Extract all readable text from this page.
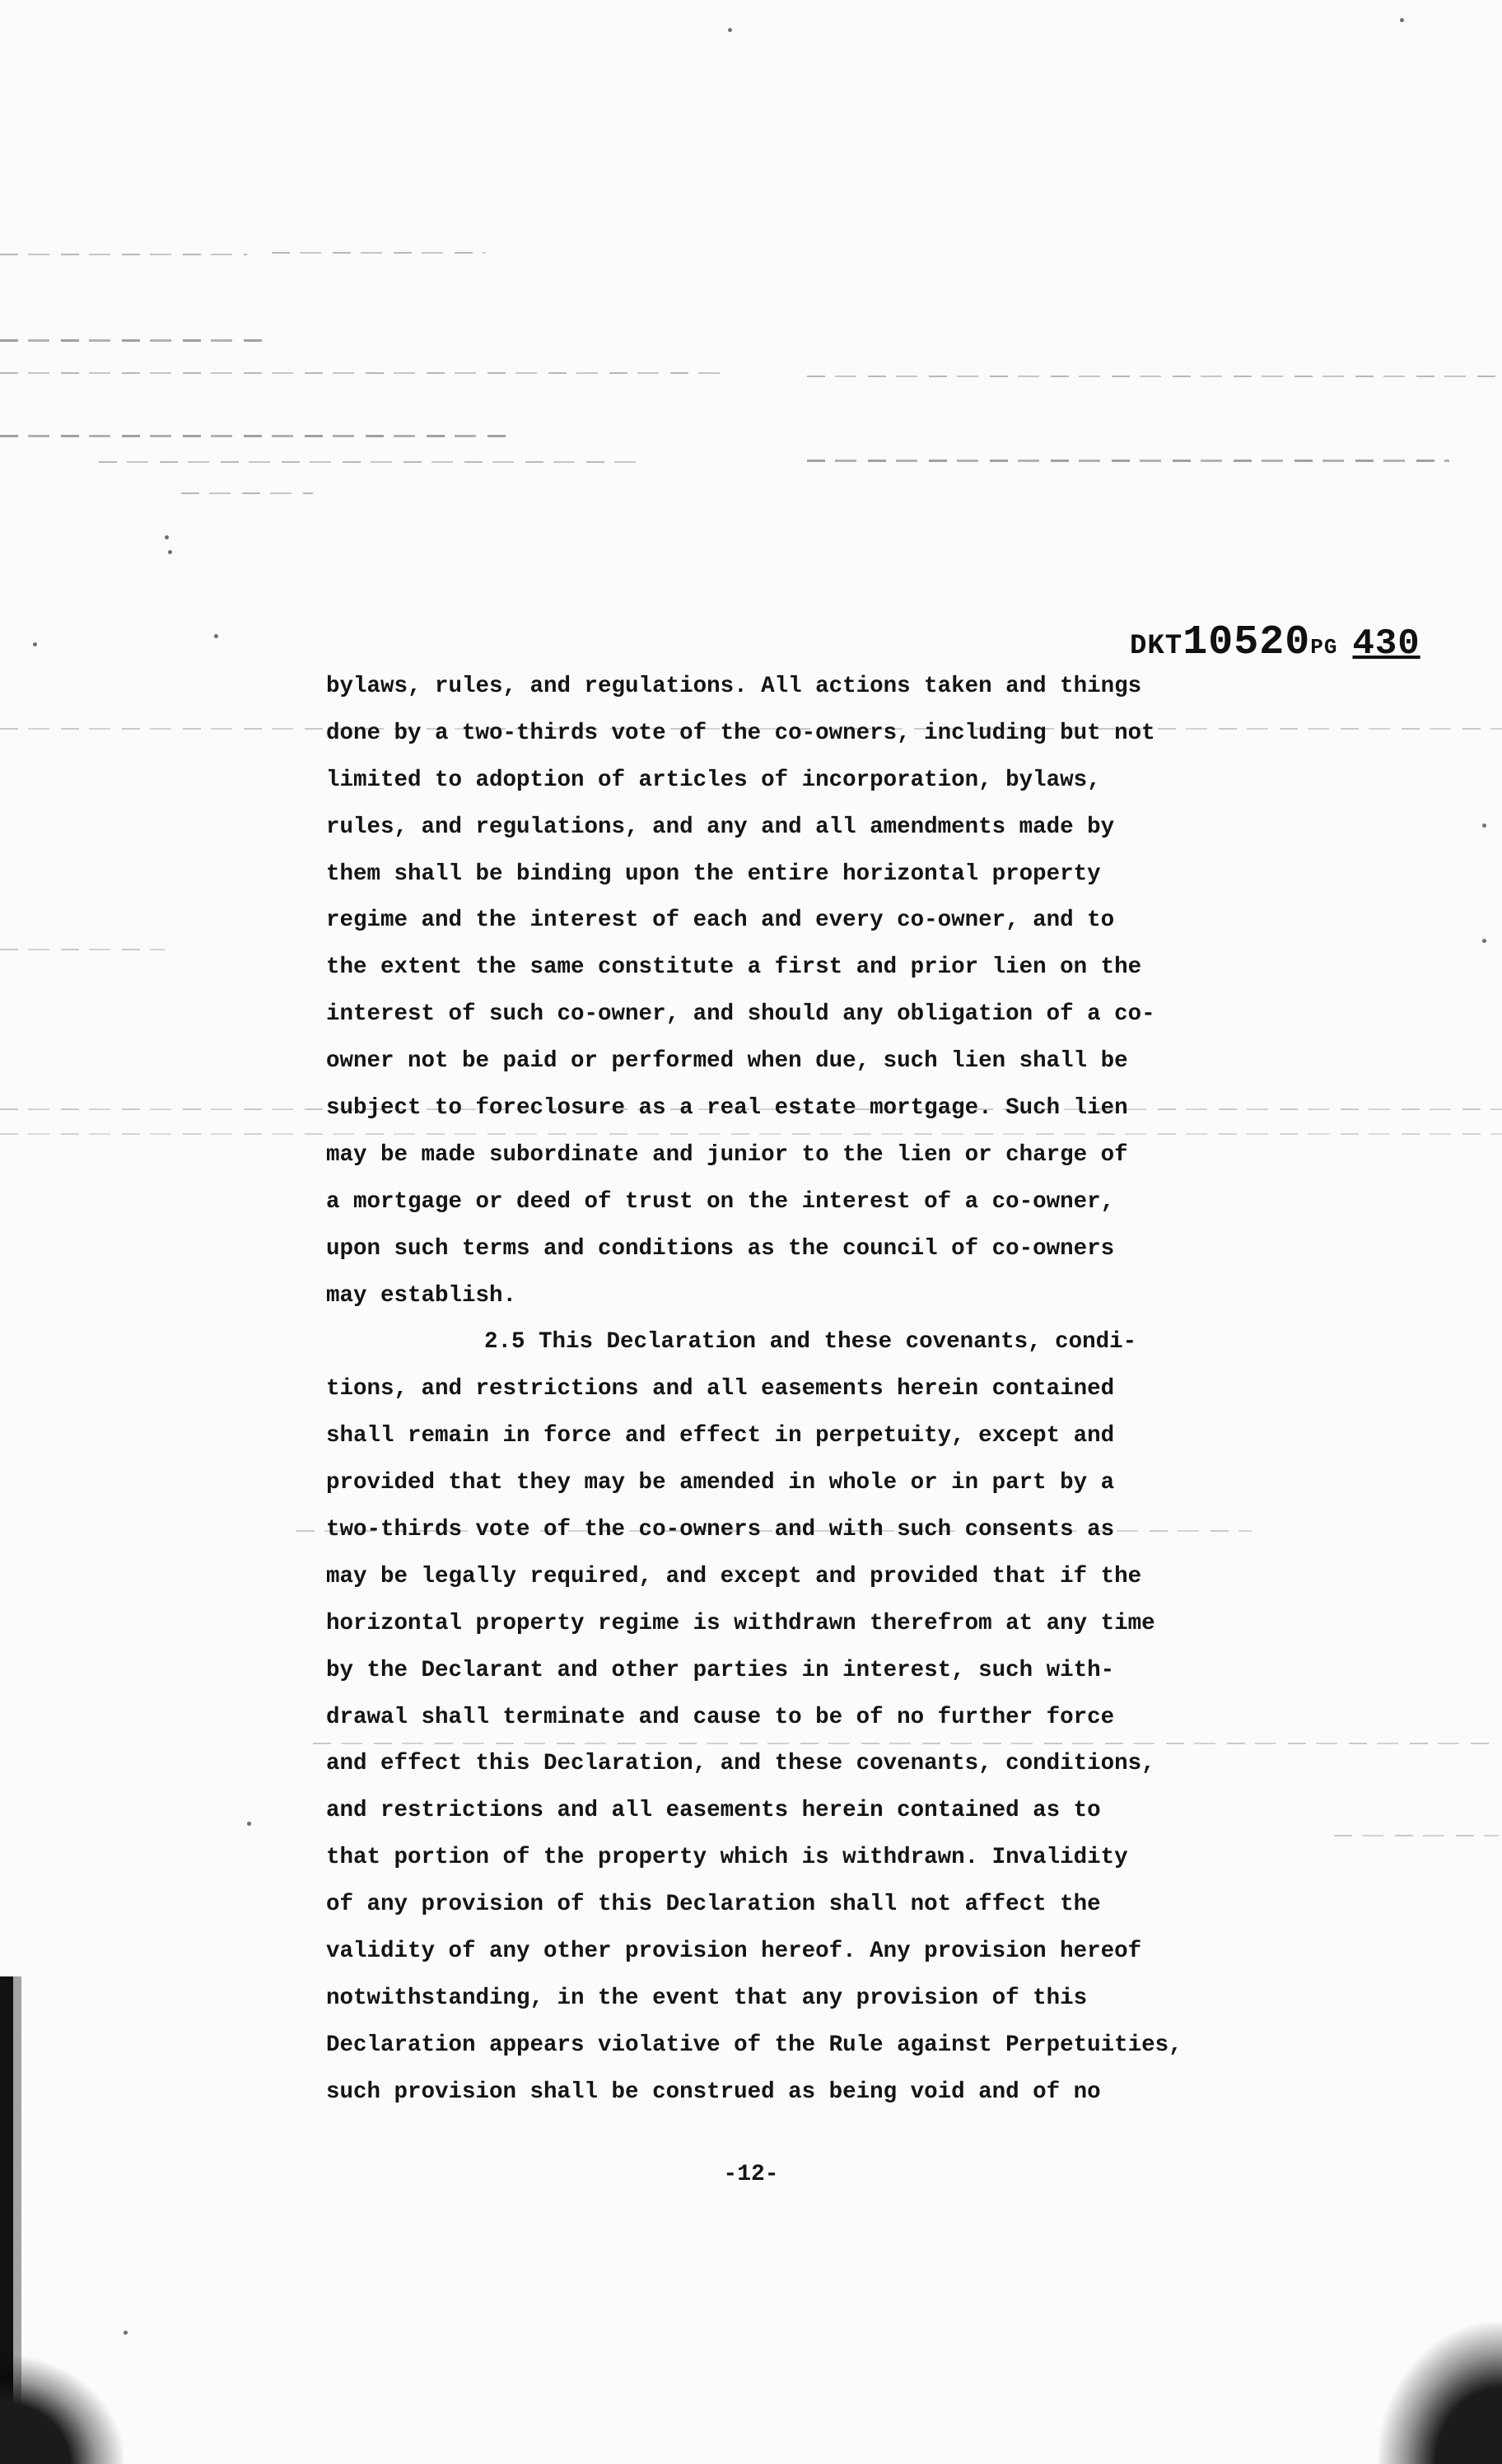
DKT10520PG 430
bylaws, rules, and regulations. All actions taken and things
done by a two-thirds vote of the co-owners, including but not
limited to adoption of articles of incorporation, bylaws,
rules, and regulations, and any and all amendments made by
them shall be binding upon the entire horizontal property
regime and the interest of each and every co-owner, and to
the extent the same constitute a first and prior lien on the
interest of such co-owner, and should any obligation of a co-
owner not be paid or performed when due, such lien shall be
subject to foreclosure as a real estate mortgage. Such lien
may be made subordinate and junior to the lien or charge of
a mortgage or deed of trust on the interest of a co-owner,
upon such terms and conditions as the council of co-owners
may establish.
2.5 This Declaration and these covenants, condi-
tions, and restrictions and all easements herein contained
shall remain in force and effect in perpetuity, except and
provided that they may be amended in whole or in part by a
two-thirds vote of the co-owners and with such consents as
may be legally required, and except and provided that if the
horizontal property regime is withdrawn therefrom at any time
by the Declarant and other parties in interest, such with-
drawal shall terminate and cause to be of no further force
and effect this Declaration, and these covenants, conditions,
and restrictions and all easements herein contained as to
that portion of the property which is withdrawn. Invalidity
of any provision of this Declaration shall not affect the
validity of any other provision hereof. Any provision hereof
notwithstanding, in the event that any provision of this
Declaration appears violative of the Rule against Perpetuities,
such provision shall be construed as being void and of no
-12-
